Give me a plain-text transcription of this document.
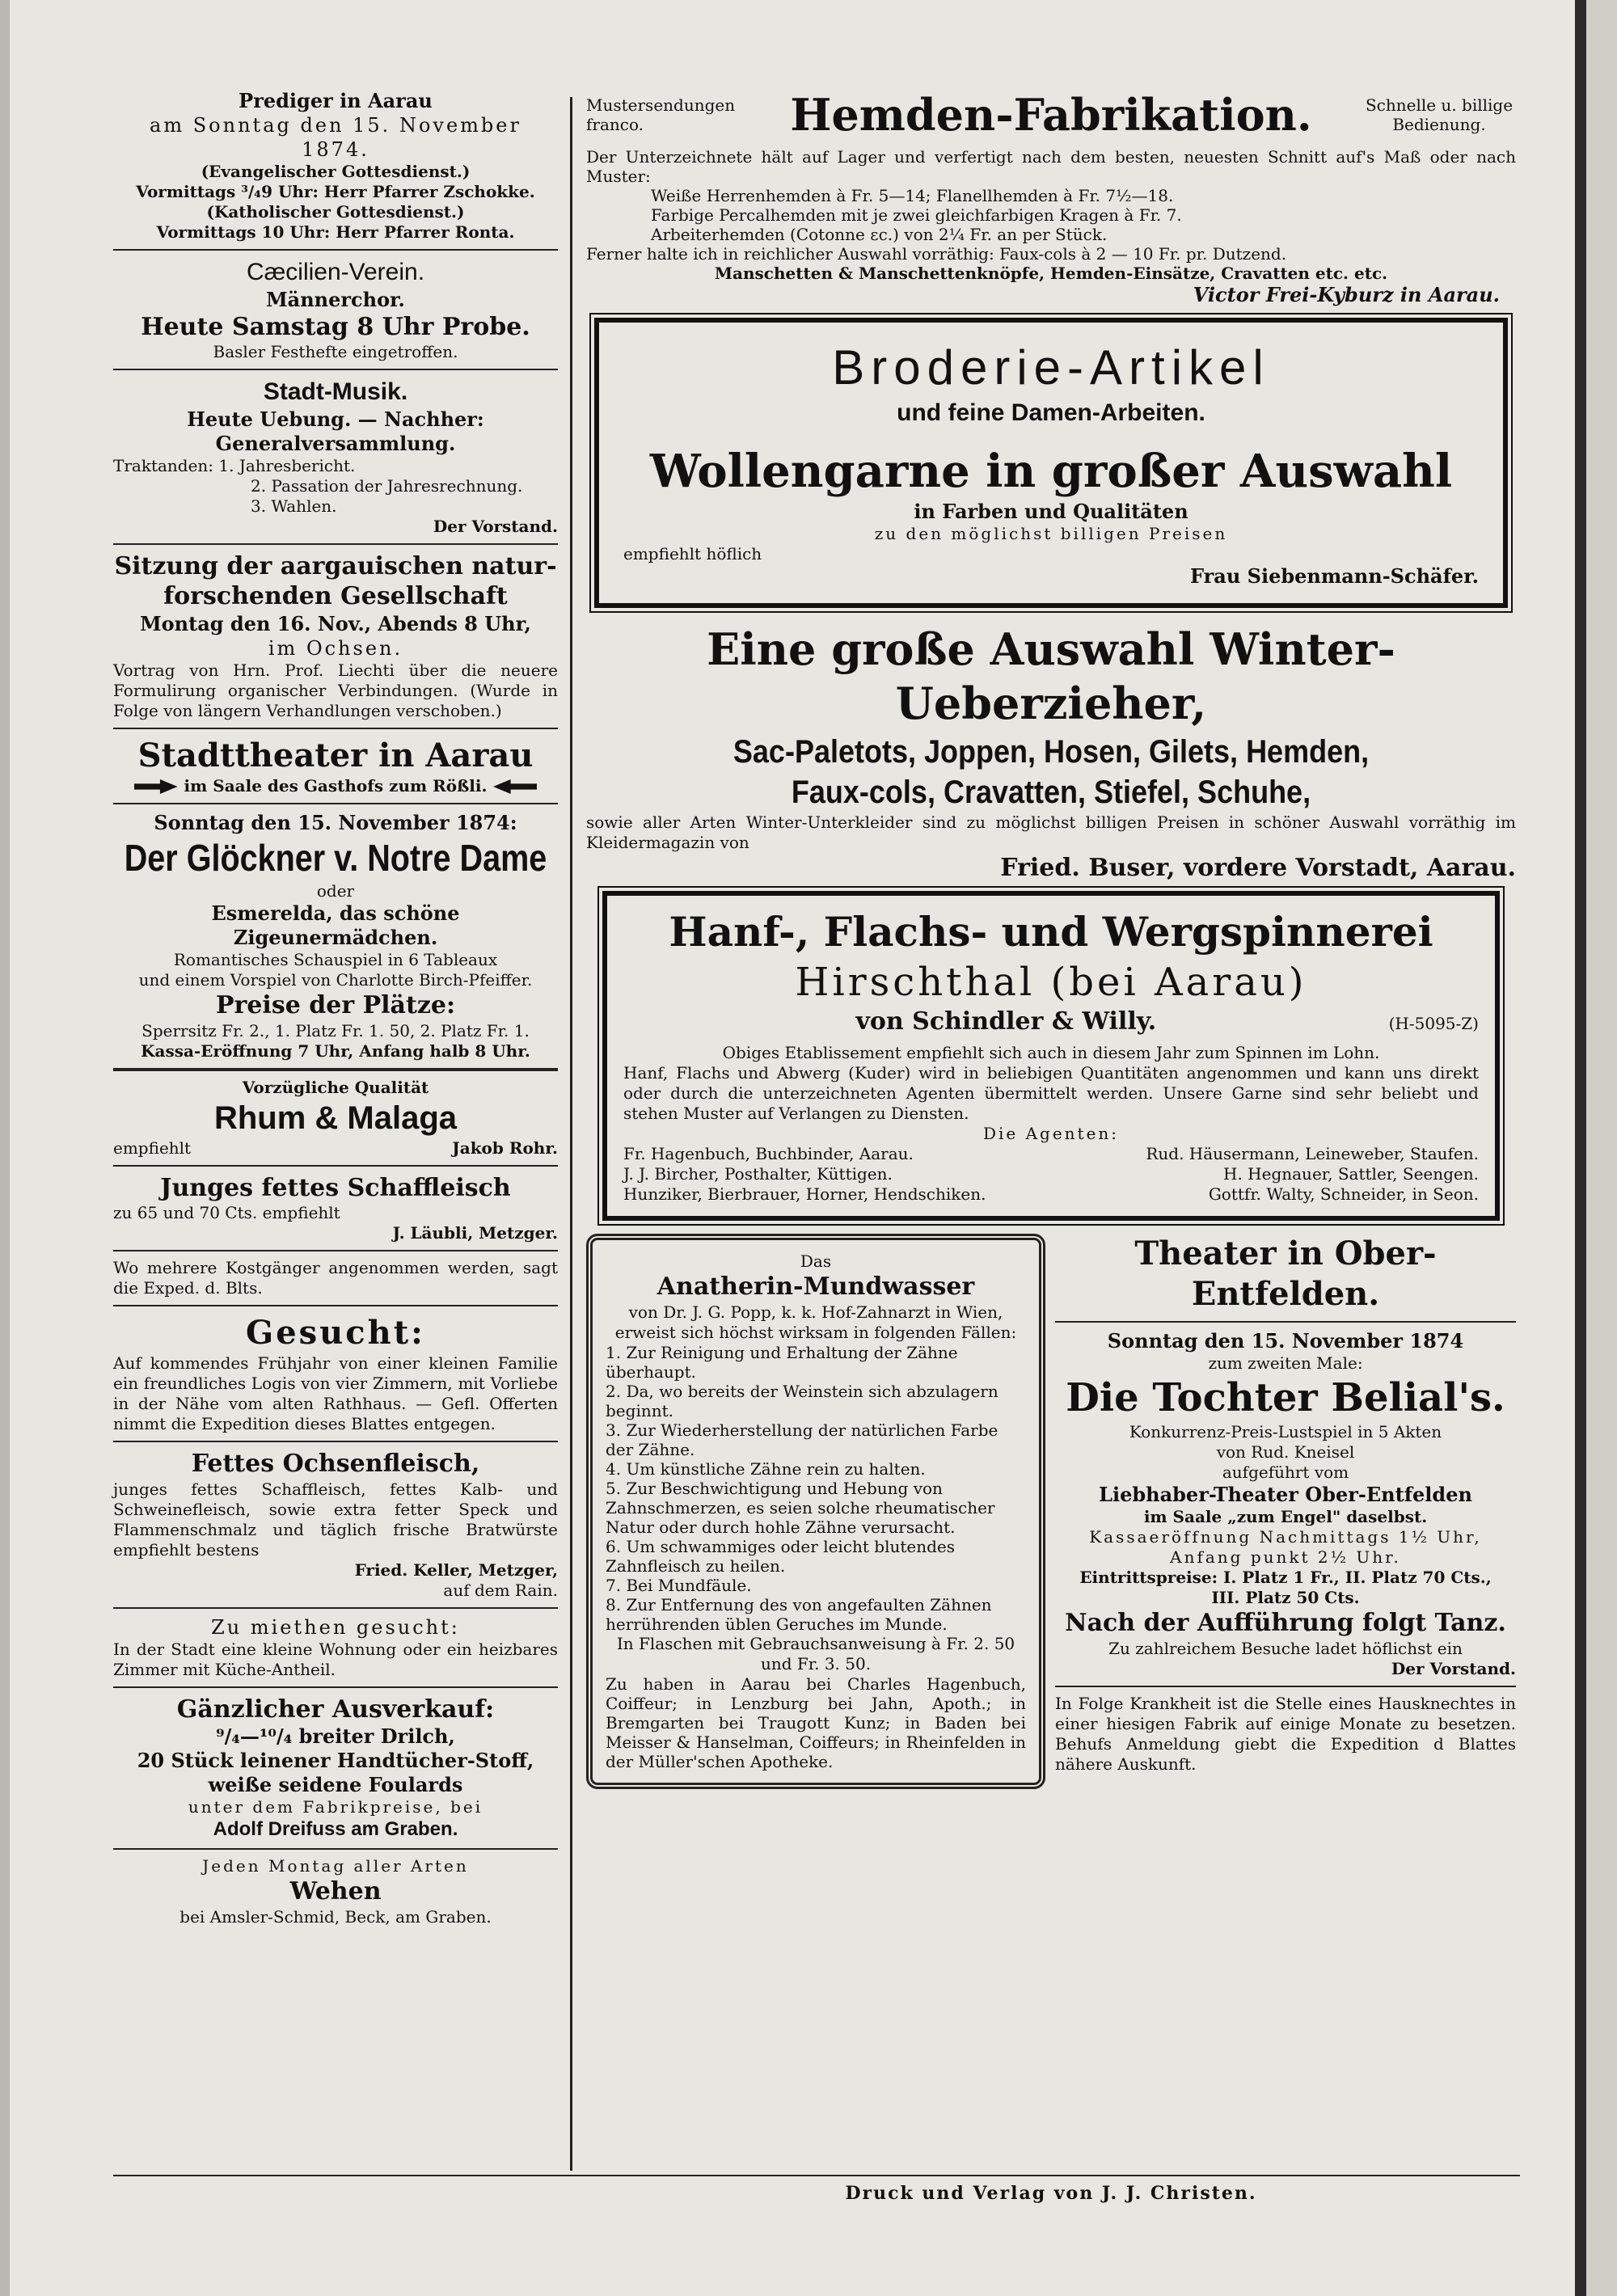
Prediger in Aarau
am Sonntag den 15. November 1874.
(Evangelischer Gottesdienst.)
Vormittags ³/₄9 Uhr: Herr Pfarrer Zschokke.
(Katholischer Gottesdienst.)
Vormittags 10 Uhr: Herr Pfarrer Ronta.
Cæcilien-Verein.
Männerchor.
Heute Samstag 8 Uhr Probe.
Basler Festhefte eingetroffen.
Stadt-Musik.
Heute Uebung. — Nachher:
Generalversammlung.
Traktanden: 1. Jahresbericht.
2. Passation der Jahresrechnung.
3. Wahlen.
Der Vorstand.
Sitzung der aargauischen natur-
forschenden Gesellschaft
Montag den 16. Nov., Abends 8 Uhr,
im Ochsen.
Vortrag von Hrn. Prof. Liechti über die neuere Formulirung organischer Verbindungen. (Wurde in Folge von längern Verhandlungen verschoben.)
Stadttheater in Aarau
im Saale des Gasthofs zum Rößli.
Sonntag den 15. November 1874:
Der Glöckner v. Notre Dame
oder
Esmerelda, das schöne Zigeunermädchen.
Romantisches Schauspiel in 6 Tableaux
und einem Vorspiel von Charlotte Birch-Pfeiffer.
Preise der Plätze:
Sperrsitz Fr. 2., 1. Platz Fr. 1. 50, 2. Platz Fr. 1.
Kassa-Eröffnung 7 Uhr, Anfang halb 8 Uhr.
Vorzügliche Qualität
Rhum & Malaga
empfiehlt	Jakob Rohr.
Junges fettes Schaffleisch
zu 65 und 70 Cts. empfiehlt
J. Läubli, Metzger.
Wo mehrere Kostgänger angenommen werden, sagt die Exped. d. Blts.
Gesucht:
Auf kommendes Frühjahr von einer kleinen Familie ein freundliches Logis von vier Zimmern, mit Vorliebe in der Nähe vom alten Rathhaus. — Gefl. Offerten nimmt die Expedition dieses Blattes entgegen.
Fettes Ochsenfleisch,
junges fettes Schaffleisch, fettes Kalb- und Schweinefleisch, sowie extra fetter Speck und Flammenschmalz und täglich frische Bratwürste empfiehlt bestens
Fried. Keller, Metzger,
auf dem Rain.
Zu miethen gesucht:
In der Stadt eine kleine Wohnung oder ein heizbares Zimmer mit Küche-Antheil.
Gänzlicher Ausverkauf:
⁹/₄—¹⁰/₄ breiter Drilch,
20 Stück leinener Handtücher-Stoff,
weiße seidene Foulards
unter dem Fabrikpreise, bei
Adolf Dreifuss am Graben.
Jeden Montag aller Arten
Wehen
bei Amsler-Schmid, Beck, am Graben.
Mustersendungen franco.	Hemden-Fabrikation.	Schnelle u. billige Bedienung.
Der Unterzeichnete hält auf Lager und verfertigt nach dem besten, neuesten Schnitt auf's Maß oder nach Muster:
Weiße Herrenhemden à Fr. 5—14; Flanellhemden à Fr. 7½—18.
Farbige Percalhemden mit je zwei gleichfarbigen Kragen à Fr. 7.
Arbeiterhemden (Cotonne ɛc.) von 2¼ Fr. an per Stück.
Ferner halte ich in reichlicher Auswahl vorräthig: Faux-cols à 2 — 10 Fr. pr. Dutzend.
Manschetten & Manschettenknöpfe, Hemden-Einsätze, Cravatten etc. etc.
Victor Frei-Kyburz in Aarau.
Broderie-Artikel
und feine Damen-Arbeiten.
Wollengarne in großer Auswahl
in Farben und Qualitäten
zu den möglichst billigen Preisen
empfiehlt höflich
Frau Siebenmann-Schäfer.
Eine große Auswahl Winter-Ueberzieher,
Sac-Paletots, Joppen, Hosen, Gilets, Hemden,
Faux-cols, Cravatten, Stiefel, Schuhe,
sowie aller Arten Winter-Unterkleider sind zu möglichst billigen Preisen in schöner Auswahl vorräthig im Kleidermagazin von
Fried. Buser, vordere Vorstadt, Aarau.
Hanf-, Flachs- und Wergspinnerei
Hirschthal (bei Aarau)
von Schindler & Willy.	(H-5095-Z)
Obiges Etablissement empfiehlt sich auch in diesem Jahr zum Spinnen im Lohn.
Hanf, Flachs und Abwerg (Kuder) wird in beliebigen Quantitäten angenommen und kann uns direkt oder durch die unterzeichneten Agenten übermittelt werden. Unsere Garne sind sehr beliebt und stehen Muster auf Verlangen zu Diensten.
Die Agenten:
Fr. Hagenbuch, Buchbinder, Aarau.	Rud. Häusermann, Leineweber, Staufen.
J. J. Bircher, Posthalter, Küttigen.	H. Hegnauer, Sattler, Seengen.
Hunziker, Bierbrauer, Horner, Hendschiken.	Gottfr. Walty, Schneider, in Seon.
Das
Anatherin-Mundwasser
von Dr. J. G. Popp, k. k. Hof-Zahnarzt in Wien,
erweist sich höchst wirksam in folgenden Fällen:
1. Zur Reinigung und Erhaltung der Zähne überhaupt.
2. Da, wo bereits der Weinstein sich abzulagern beginnt.
3. Zur Wiederherstellung der natürlichen Farbe der Zähne.
4. Um künstliche Zähne rein zu halten.
5. Zur Beschwichtigung und Hebung von Zahnschmerzen, es seien solche rheumatischer Natur oder durch hohle Zähne verursacht.
6. Um schwammiges oder leicht blutendes Zahnfleisch zu heilen.
7. Bei Mundfäule.
8. Zur Entfernung des von angefaulten Zähnen herrührenden üblen Geruches im Munde.
In Flaschen mit Gebrauchsanweisung à Fr. 2. 50 und Fr. 3. 50.
Zu haben in Aarau bei Charles Hagenbuch, Coiffeur; in Lenzburg bei Jahn, Apoth.; in Bremgarten bei Traugott Kunz; in Baden bei Meisser & Hanselman, Coiffeurs; in Rheinfelden in der Müller'schen Apotheke.
Theater in Ober-Entfelden.
Sonntag den 15. November 1874
zum zweiten Male:
Die Tochter Belial's.
Konkurrenz-Preis-Lustspiel in 5 Akten
von Rud. Kneisel
aufgeführt vom
Liebhaber-Theater Ober-Entfelden
im Saale „zum Engel" daselbst.
Kassaeröffnung Nachmittags 1½ Uhr,
Anfang punkt 2½ Uhr.
Eintrittspreise: I. Platz 1 Fr., II. Platz 70 Cts.,
III. Platz 50 Cts.
Nach der Aufführung folgt Tanz.
Zu zahlreichem Besuche ladet höflichst ein
Der Vorstand.
In Folge Krankheit ist die Stelle eines Hausknechtes in einer hiesigen Fabrik auf einige Monate zu besetzen. Behufs Anmeldung giebt die Expedition d Blattes nähere Auskunft.
Druck und Verlag von J. J. Christen.
